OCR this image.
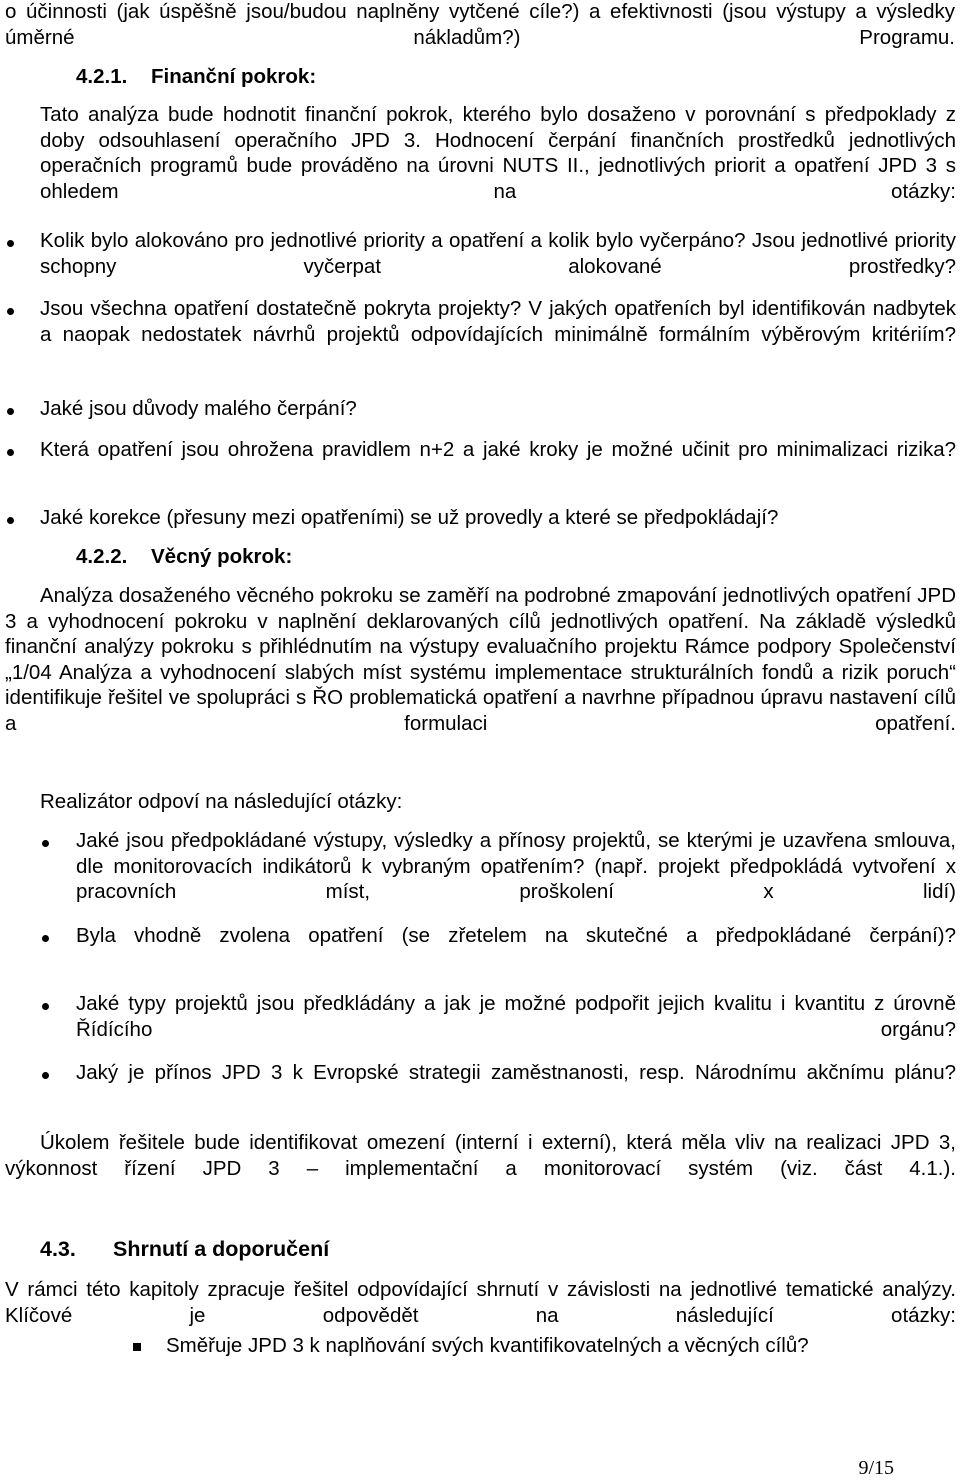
o účinnosti (jak úspěšně jsou/budou naplněny vytčené cíle?) a efektivnosti (jsou výstupy a výsledky úměrné nákladům?) Programu.

4.2.1. Finanční pokrok:

Tato analýza bude hodnotit finanční pokrok, kterého bylo dosaženo v porovnání s předpoklady z doby odsouhlasení operačního JPD 3. Hodnocení čerpání finančních prostředků jednotlivých operačních programů bude prováděno na úrovni NUTS II., jednotlivých priorit a opatření JPD 3 s ohledem na otázky:

Kolik bylo alokováno pro jednotlivé priority a opatření a kolik bylo vyčerpáno? Jsou jednotlivé priority schopny vyčerpat alokované prostředky?

Jsou všechna opatření dostatečně pokryta projekty? V jakých opatřeních byl identifikován nadbytek a naopak nedostatek návrhů projektů odpovídajících minimálně formálním výběrovým kritériím?

Jaké jsou důvody malého čerpání?

Která opatření jsou ohrožena pravidlem n+2 a jaké kroky je možné učinit pro minimalizaci rizika?

Jaké korekce (přesuny mezi opatřeními) se už provedly a které se předpokládají?

4.2.2. Věcný pokrok:

Analýza dosaženého věcného pokroku se zaměří na podrobné zmapování jednotlivých opatření JPD 3 a vyhodnocení pokroku v naplnění deklarovaných cílů jednotlivých opatření. Na základě výsledků finanční analýzy pokroku s přihlédnutím na výstupy evaluačního projektu Rámce podpory Společenství „1/04 Analýza a vyhodnocení slabých míst systému implementace strukturálních fondů a rizik poruch“ identifikuje řešitel ve spolupráci s ŘO problematická opatření a navrhne případnou úpravu nastavení cílů a formulaci opatření.

Realizátor odpoví na následující otázky:

Jaké jsou předpokládané výstupy, výsledky a přínosy projektů, se kterými je uzavřena smlouva, dle monitorovacích indikátorů k vybraným opatřením? (např. projekt předpokládá vytvoření x pracovních míst, proškolení x lidí)

Byla vhodně zvolena opatření (se zřetelem na skutečné a předpokládané čerpání)?

Jaké typy projektů jsou předkládány a jak je možné podpořit jejich kvalitu i kvantitu z úrovně Řídícího orgánu?

Jaký je přínos JPD 3 k Evropské strategii zaměstnanosti, resp. Národnímu akčnímu plánu?

Úkolem řešitele bude identifikovat omezení (interní i externí), která měla vliv na realizaci JPD 3, výkonnost řízení JPD 3 – implementační a monitorovací systém (viz. část 4.1.).

4.3. Shrnutí a doporučení

V rámci této kapitoly zpracuje řešitel odpovídající shrnutí v závislosti na jednotlivé tematické analýzy. Klíčové je odpovědět na následující otázky:

Směřuje JPD 3 k naplňování svých kvantifikovatelných a věcných cílů?

9/15
